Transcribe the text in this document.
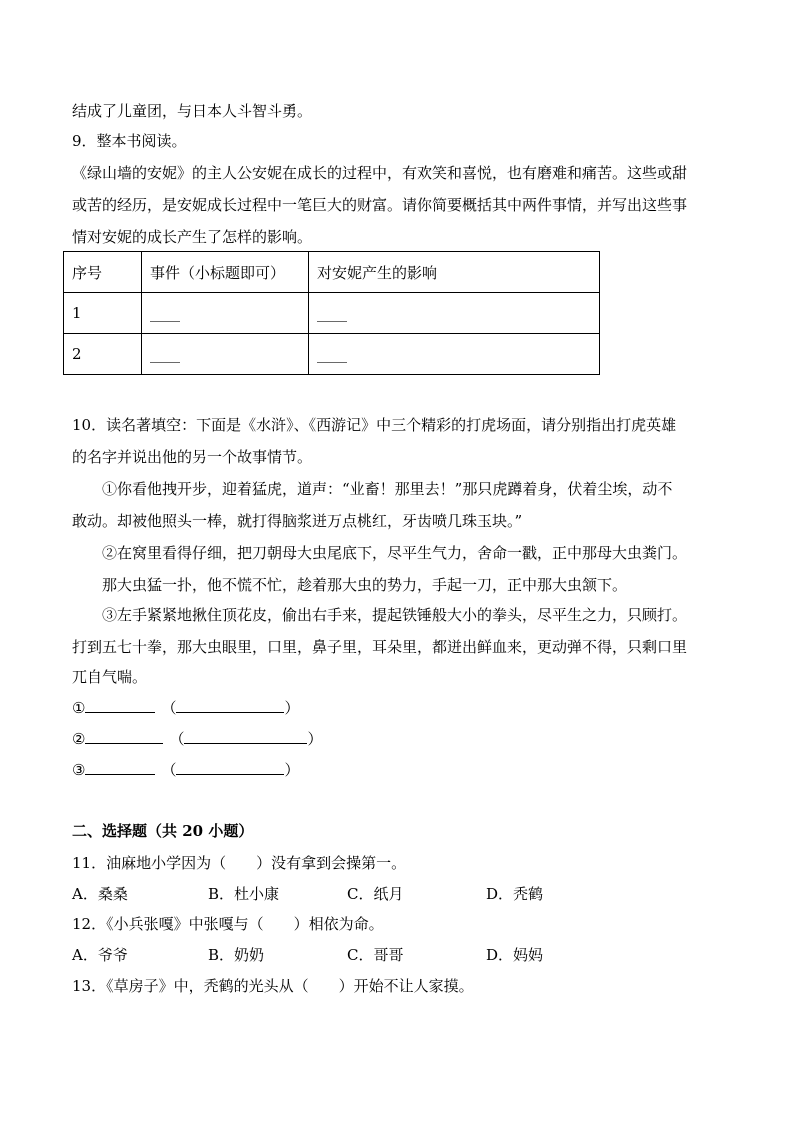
结成了儿童团，与日本人斗智斗勇。
9．整本书阅读。
《绿山墙的安妮》的主人公安妮在成长的过程中，有欢笑和喜悦，也有磨难和痛苦。这些或甜
或苦的经历，是安妮成长过程中一笔巨大的财富。请你简要概括其中两件事情，并写出这些事
情对安妮的成长产生了怎样的影响。
序号	事件（小标题即可）	对安妮产生的影响
1	____	____
2	____	____
10．读名著填空：下面是《水浒》、《西游记》中三个精彩的打虎场面，请分别指出打虎英雄
的名字并说出他的另一个故事情节。
①你看他拽开步，迎着猛虎，道声：“业畜！那里去！”那只虎蹲着身，伏着尘埃，动不
敢动。却被他照头一棒，就打得脑浆迸万点桃红，牙齿喷几珠玉块。”
②在窝里看得仔细，把刀朝母大虫尾底下，尽平生气力，舍命一戳，正中那母大虫粪门。
那大虫猛一扑，他不慌不忙，趁着那大虫的势力，手起一刀，正中那大虫颔下。
③左手紧紧地揪住顶花皮，偷出右手来，提起铁锤般大小的拳头，尽平生之力，只顾打。
打到五七十拳，那大虫眼里，口里，鼻子里，耳朵里，都迸出鲜血来，更动弹不得，只剩口里
兀自气喘。
①	（	）
②	（	）
③	（	）
二、选择题（共 20 小题）
11．油麻地小学因为（　　）没有拿到会操第一。
A．桑桑	B．杜小康	C．纸月	D．秃鹤
12．《小兵张嘎》中张嘎与（　　）相依为命。
A．爷爷	B．奶奶	C．哥哥	D．妈妈
13．《草房子》中，秃鹤的光头从（　　）开始不让人家摸。
